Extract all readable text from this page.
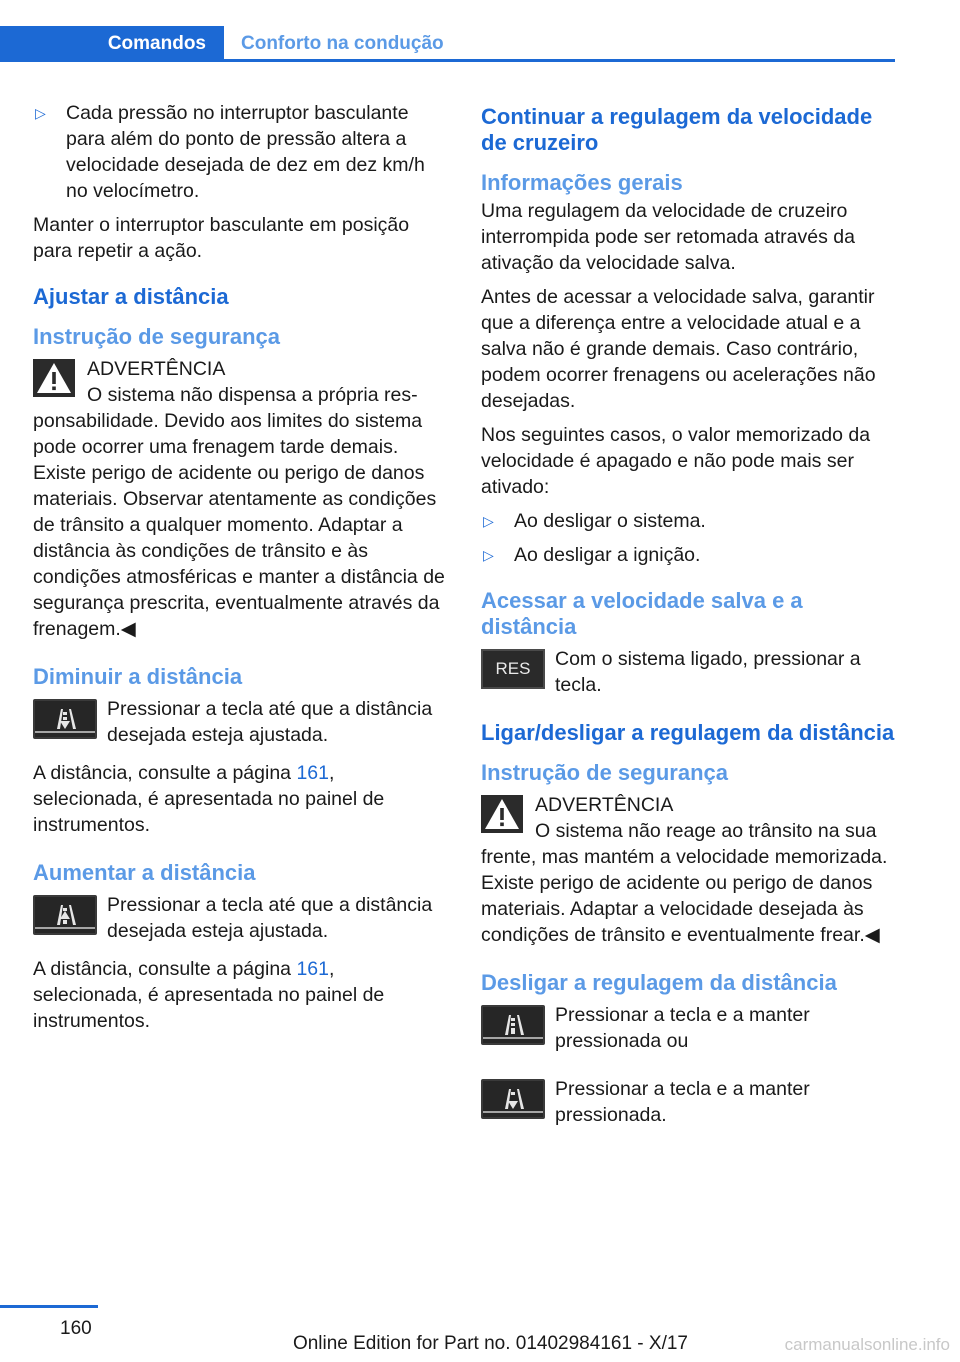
Comandos Conforto na condução
▷	Cada pressão no interruptor basculante para além do ponto de pressão altera a velocidade desejada de dez em dez km/h no velocímetro.

Manter o interruptor basculante em posição para repetir a ação.

Ajustar a distância
Instrução de segurança
ADVERTÊNCIA
O sistema não dispensa a própria res-

ponsabilidade. Devido aos limites do sistema pode ocorrer uma frenagem tarde demais. Existe perigo de acidente ou perigo de danos materiais. Observar atentamente as condições de trânsito a qualquer momento. Adaptar a distância às condições de trânsito e às condições atmosféricas e manter a distância de segurança prescrita, eventualmente através da frenagem.◀

Diminuir a distância
Pressionar a tecla até que a distância desejada esteja ajustada.

A distância, consulte a página 161, selecionada, é apresentada no painel de instrumentos.

Aumentar a distância
Pressionar a tecla até que a distância desejada esteja ajustada.

A distância, consulte a página 161, selecionada, é apresentada no painel de instrumentos.

Continuar a regulagem da velocidade de cruzeiro
Informações gerais

Uma regulagem da velocidade de cruzeiro interrompida pode ser retomada através da ativação da velocidade salva.

Antes de acessar a velocidade salva, garantir que a diferença entre a velocidade atual e a salva não é grande demais. Caso contrário, podem ocorrer frenagens ou acelerações não desejadas.

Nos seguintes casos, o valor memorizado da velocidade é apagado e não pode mais ser ativado:

▷	Ao desligar o sistema.
▷	Ao desligar a ignição.
Acessar a velocidade salva e a distância
RES Com o sistema ligado, pressionar a tecla.
Ligar/desligar a regulagem da distância
Instrução de segurança
ADVERTÊNCIA
O sistema não reage ao trânsito na sua

frente, mas mantém a velocidade memorizada. Existe perigo de acidente ou perigo de danos materiais. Adaptar a velocidade desejada às condições de trânsito e eventualmente frear.◀

Desligar a regulagem da distância
Pressionar a tecla e a manter pressionada ou
Pressionar a tecla e a manter pressionada.
160
Online Edition for Part no. 01402984161 - X/17	carmanualsonline.info
